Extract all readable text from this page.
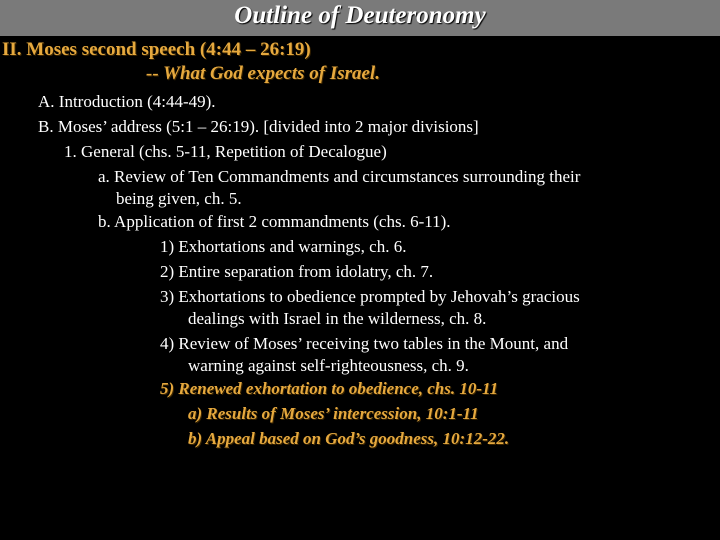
Outline of Deuteronomy
II. Moses second speech (4:44 – 26:19)
-- What God expects of Israel.
A. Introduction (4:44-49).
B. Moses’ address (5:1 – 26:19). [divided into 2 major divisions]
1. General (chs. 5-11, Repetition of Decalogue)
a. Review of Ten Commandments and circumstances surrounding their
being given, ch. 5.
b. Application of first 2 commandments (chs. 6-11).
1) Exhortations and warnings, ch. 6.
2) Entire separation from idolatry, ch. 7.
3) Exhortations to obedience prompted by Jehovah’s gracious
dealings with Israel in the wilderness, ch. 8.
4) Review of Moses’ receiving two tables in the Mount, and
warning against self-righteousness, ch. 9.
5) Renewed exhortation to obedience, chs. 10-11
a) Results of Moses’ intercession, 10:1-11
b) Appeal based on God’s goodness, 10:12-22.
